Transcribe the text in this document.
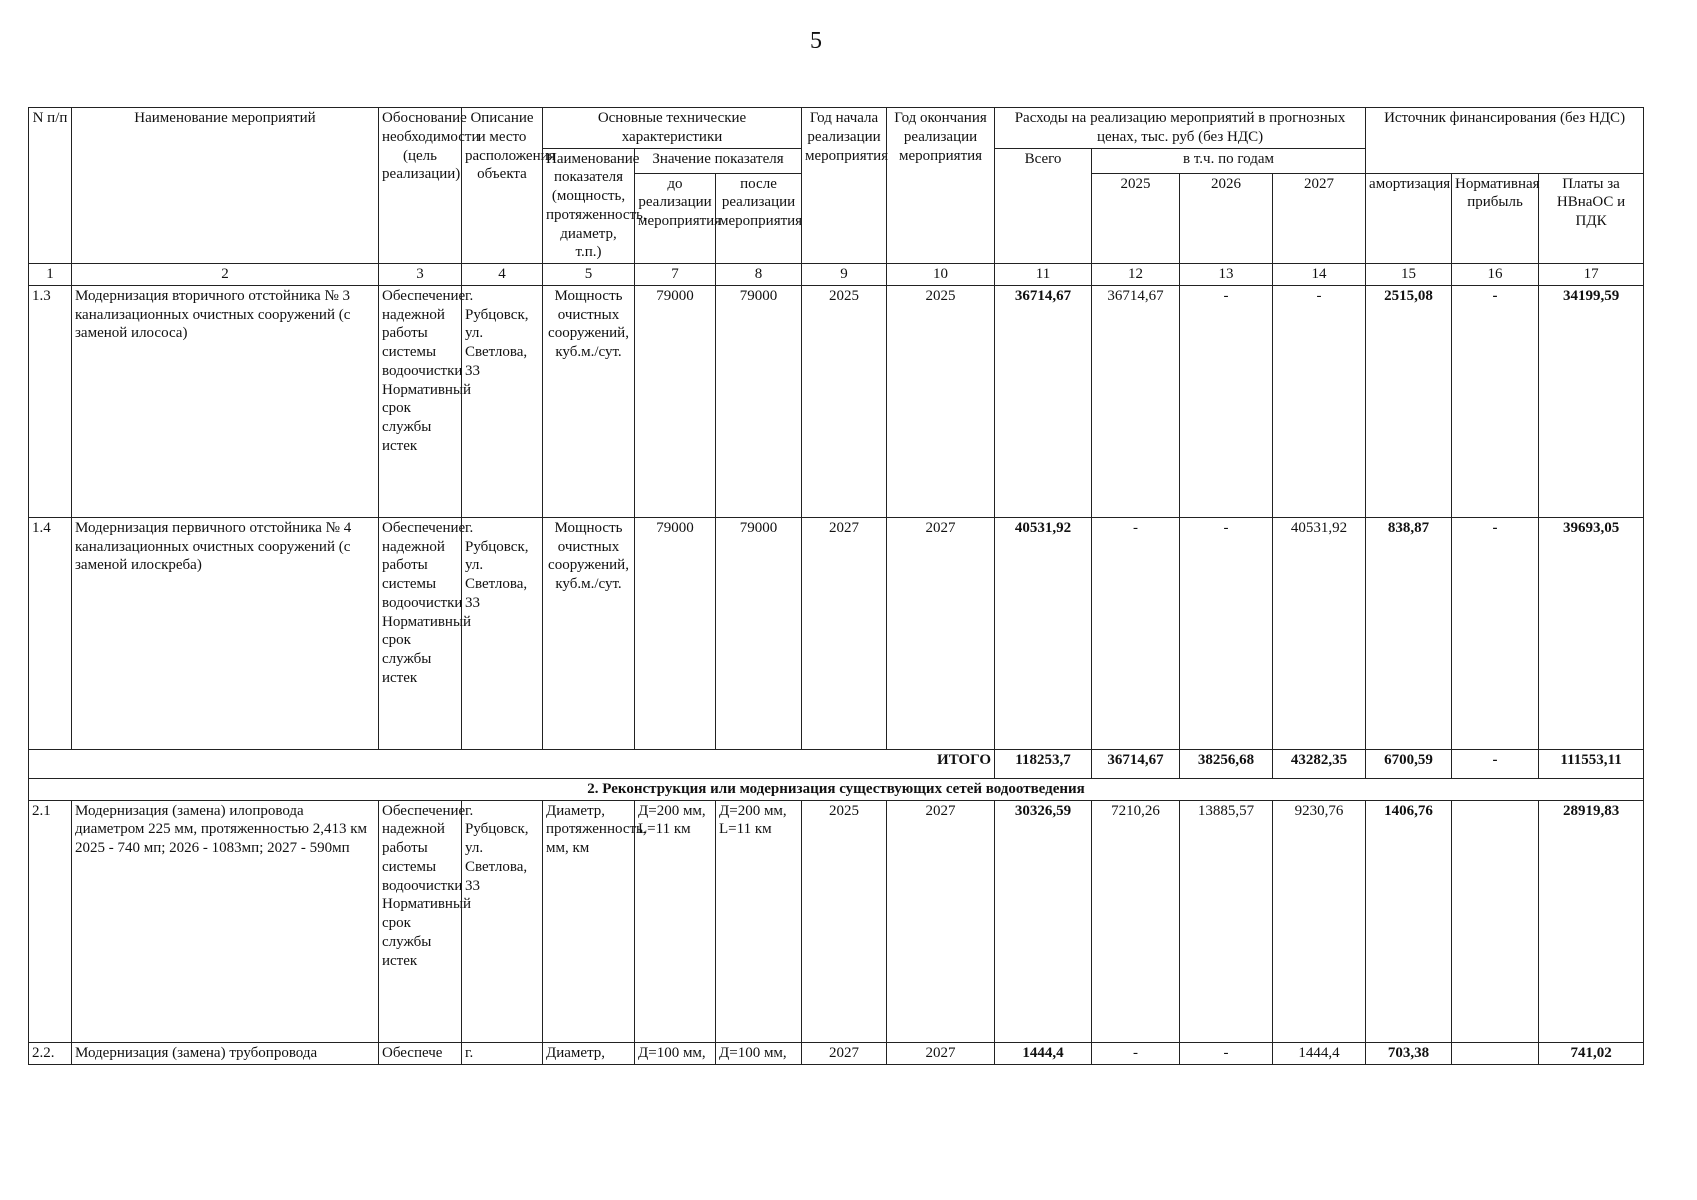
5
N п/п	Наименование мероприятий	Обоснование необходимости (цель реализации)	Описание и место расположения объекта	Основные технические характеристики			Год начала реализации мероприятия	Год окончания реализации мероприятия	Расходы на реализацию мероприятий в прогнозных ценах, тыс. руб (без НДС)				Источник финансирования (без НДС)		
				Наименование показателя (мощность, протяженность, диаметр, т.п.)	Значение показателя				Всего	в т.ч. по годам					
					до реализации мероприятия	после реализации мероприятия				2025	2026	2027	амортизация	Нормативная прибыль	Платы за НВнаОС и ПДК
1	2	3	4	5	7	8	9	10	11	12	13	14	15	16	17
1.3	Модернизация вторичного отстойника № 3 канализационных очистных сооружений (с заменой илососа)	Обеспечение надежной работы системы водоочистки Нормативный срок службы истек	г. Рубцовск, ул. Светлова, 33	Мощность очистных сооружений, куб.м./сут.	79000	79000	2025	2025	36714,67	36714,67	-	-	2515,08	-	34199,59
1.4	Модернизация первичного отстойника № 4 канализационных очистных сооружений (с заменой илоскреба)	Обеспечение надежной работы системы водоочистки Нормативный срок службы истек	г. Рубцовск, ул. Светлова, 33	Мощность очистных сооружений, куб.м./сут.	79000	79000	2027	2027	40531,92	-	-	40531,92	838,87	-	39693,05
ИТОГО									118253,7	36714,67	38256,68	43282,35	6700,59	-	111553,11
2. Реконструкция или модернизация существующих сетей водоотведения															
2.1	Модернизация (замена) илопровода диаметром 225 мм, протяженностью 2,413 км 2025 - 740 мп; 2026 - 1083мп; 2027 - 590мп	Обеспечение надежной работы системы водоочистки Нормативный срок службы истек	г. Рубцовск, ул. Светлова, 33	Диаметр, протяженность, мм, км	Д=200 мм, L=11 км	Д=200 мм, L=11 км	2025	2027	30326,59	7210,26	13885,57	9230,76	1406,76		28919,83
2.2.	Модернизация (замена) трубопровода	Обеспече	г.	Диаметр,	Д=100 мм,	Д=100 мм,	2027	2027	1444,4	-	-	1444,4	703,38		741,02
